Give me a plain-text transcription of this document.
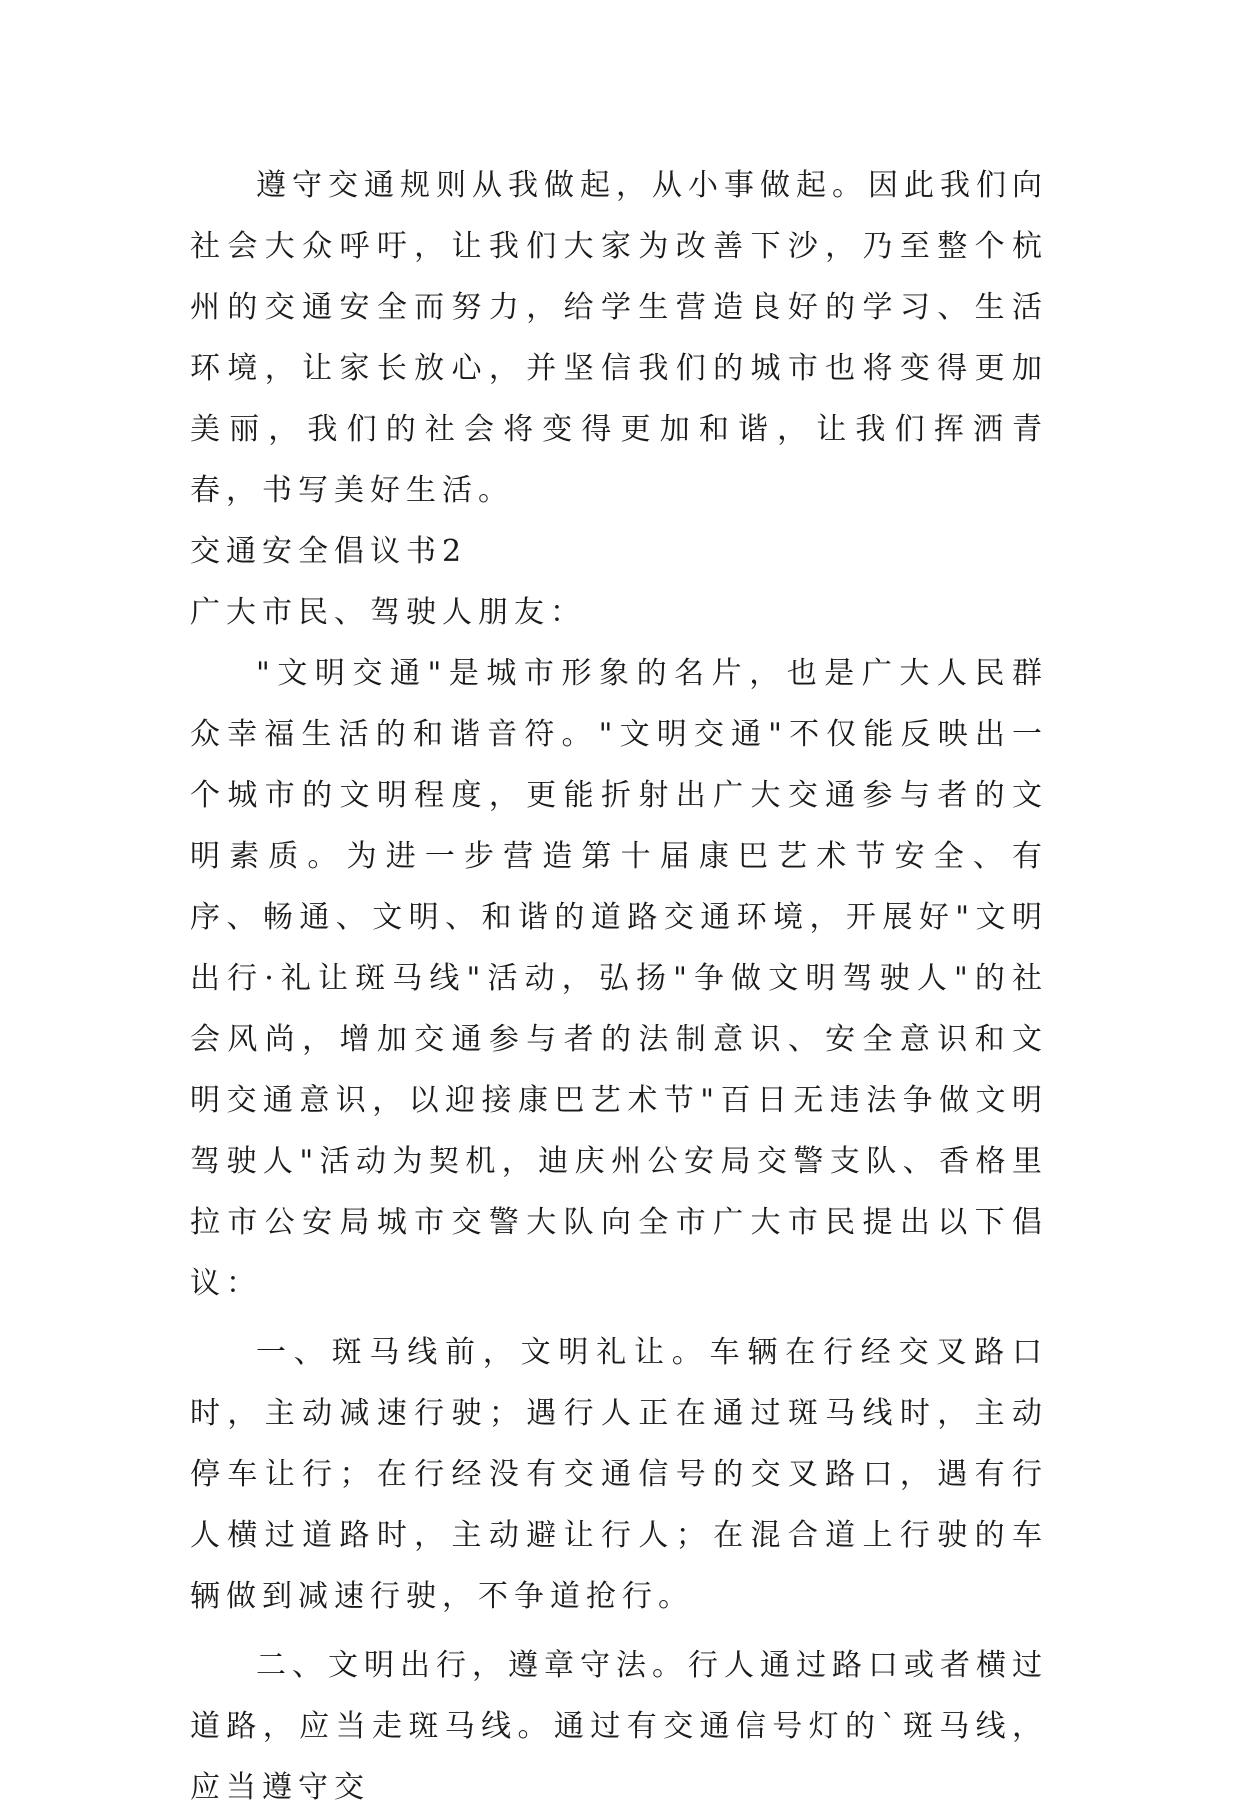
遵守交通规则从我做起，从小事做起。因此我们向社会大众呼吁，让我们大家为改善下沙，乃至整个杭州的交通安全而努力，给学生营造良好的学习、生活环境，让家长放心，并坚信我们的城市也将变得更加美丽，我们的社会将变得更加和谐，让我们挥洒青春，书写美好生活。

交通安全倡议书2

广大市民、驾驶人朋友：

"文明交通"是城市形象的名片，也是广大人民群众幸福生活的和谐音符。"文明交通"不仅能反映出一个城市的文明程度，更能折射出广大交通参与者的文明素质。为进一步营造第十届康巴艺术节安全、有序、畅通、文明、和谐的道路交通环境，开展好"文明出行·礼让斑马线"活动，弘扬"争做文明驾驶人"的社会风尚，增加交通参与者的法制意识、安全意识和文明交通意识，以迎接康巴艺术节"百日无违法争做文明驾驶人"活动为契机，迪庆州公安局交警支队、香格里拉市公安局城市交警大队向全市广大市民提出以下倡议：

一、斑马线前，文明礼让。车辆在行经交叉路口时，主动减速行驶；遇行人正在通过斑马线时，主动停车让行；在行经没有交通信号的交叉路口，遇有行人横过道路时，主动避让行人；在混合道上行驶的车辆做到减速行驶，不争道抢行。

二、文明出行，遵章守法。行人通过路口或者横过道路，应当走斑马线。通过有交通信号灯的`斑马线，应当遵守交
